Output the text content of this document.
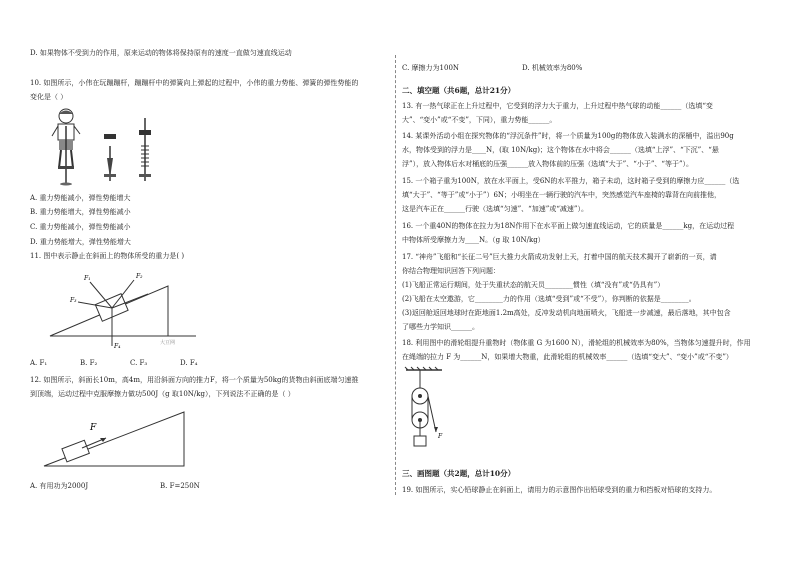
D. 如果物体不受到力的作用，原来运动的物体将保持原有的速度一直做匀速直线运动
10. 如图所示，小伟在玩蹦蹦杆，蹦蹦杆中的弹簧向上弹起的过程中，小伟的重力势能、弹簧的弹性势能的
变化是（ ）
A. 重力势能减小，弹性势能增大
B. 重力势能增大，弹性势能减小
C. 重力势能减小，弹性势能减小
D. 重力势能增大，弹性势能增大
11. 图中表示静止在斜面上的物体所受的重力是( )
F₁	F₂
F₃
F₄	大豆网
A. F₁	B. F₂	C. F₃	D. F₄
12. 如图所示，斜面长10m，高4m，用沿斜面方向的推力F，将一个质量为50kg的货物由斜面底端匀速推
到顶端，运动过程中克服摩擦力做功500J（g 取10N/kg），下列说法不正确的是（ ）
F
A. 有用功为2000J	B. F=250N
C. 摩擦力为100N	D. 机械效率为80%
二、填空题（共6题，总计21分）
13. 有一热气球正在上升过程中，它受到的浮力大于重力，上升过程中热气球的动能______（选填“变
大”、“变小”或“不变”，下同），重力势能______。
14. 某课外活动小组在探究物体的“浮沉条件”时，将一个质量为100g的物体放入装满水的深桶中，溢出90g
水，物体受到的浮力是____N，(取 10N/kg)；这个物体在水中将会______（选填“上浮”、“下沉”、“悬
浮”），放入物体后水对桶底的压强______放入物体前的压强（选填“大于”、“小于”、“等于”）。
15. 一个箱子重为100N，放在水平面上，受6N的水平推力，箱子未动，这时箱子受到的摩擦力应______（选
填“大于”、“等于”或“小于”）6N；小明坐在一辆行驶的汽车中，突然感觉汽车座椅的靠背在向前推他，
这是汽车正在______行驶（选填“匀速”、“加速”或“减速”）。
16. 一个重40N的物体在拉力为18N作用下在水平面上做匀速直线运动，它的质量是______kg，在运动过程
中物体所受摩擦力为____N。（g 取 10N/kg）
17. “神舟”飞船和“长征二号”巨大推力火箭成功发射上天，打着中国的航天技术揭开了崭新的一页，请
你结合物理知识回答下列问题：
(1)飞船正常运行期间，处于失重状态的航天员________惯性（填“没有”或“仍具有”）
(2)飞船在太空遨游，它________力的作用（选填“受到”或“不受”），你判断的依据是________。
(3)返回舱返回地球时在距地面1.2m高处，反冲发动机向地面喷火，飞船进一步减速，最后落地，其中包含
了哪些力学知识______。
18. 利用图中的滑轮组提升重物时（物体重 G 为1600 N），滑轮组的机械效率为80%，当物体匀速提升时，作用
在绳端的拉力 F 为______N，如果增大物重，此滑轮组的机械效率______（选填“变大”、“变小”或“不变”）
F
三、画图题（共2题，总计10分）
19. 如图所示，实心铅球静止在斜面上，请用力的示意图作出铅球受到的重力和挡板对铅球的支持力。
